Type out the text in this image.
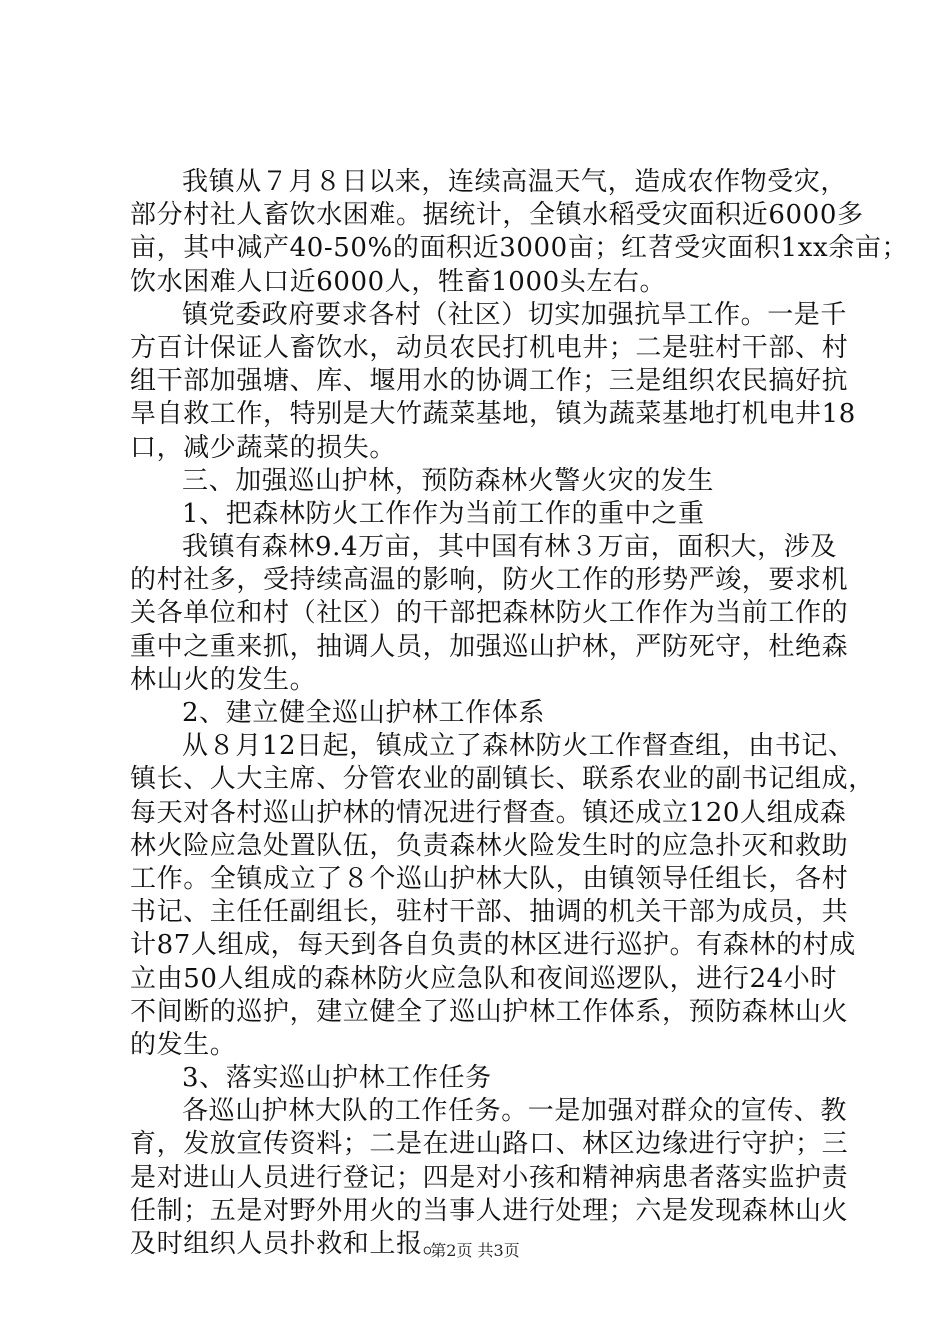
我镇从７月８日以来，连续高温天气，造成农作物受灾，
部分村社人畜饮水困难。据统计，全镇水稻受灾面积近6000多
亩，其中减产40-50%的面积近3000亩；红苕受灾面积1xx余亩；
饮水困难人口近6000人，牲畜1000头左右。
镇党委政府要求各村（社区）切实加强抗旱工作。一是千
方百计保证人畜饮水，动员农民打机电井；二是驻村干部、村
组干部加强塘、库、堰用水的协调工作；三是组织农民搞好抗
旱自救工作，特别是大竹蔬菜基地，镇为蔬菜基地打机电井18
口，减少蔬菜的损失。
三、加强巡山护林，预防森林火警火灾的发生
1、把森林防火工作作为当前工作的重中之重
我镇有森林9.4万亩，其中国有林３万亩，面积大，涉及
的村社多，受持续高温的影响，防火工作的形势严竣，要求机
关各单位和村（社区）的干部把森林防火工作作为当前工作的
重中之重来抓，抽调人员，加强巡山护林，严防死守，杜绝森
林山火的发生。
2、建立健全巡山护林工作体系
从８月12日起，镇成立了森林防火工作督查组，由书记、
镇长、人大主席、分管农业的副镇长、联系农业的副书记组成，
每天对各村巡山护林的情况进行督查。镇还成立120人组成森
林火险应急处置队伍，负责森林火险发生时的应急扑灭和救助
工作。全镇成立了８个巡山护林大队，由镇领导任组长，各村
书记、主任任副组长，驻村干部、抽调的机关干部为成员，共
计87人组成，每天到各自负责的林区进行巡护。有森林的村成
立由50人组成的森林防火应急队和夜间巡逻队，进行24小时
不间断的巡护，建立健全了巡山护林工作体系，预防森林山火
的发生。
3、落实巡山护林工作任务
各巡山护林大队的工作任务。一是加强对群众的宣传、教
育，发放宣传资料；二是在进山路口、林区边缘进行守护；三
是对进山人员进行登记；四是对小孩和精神病患者落实监护责
任制；五是对野外用火的当事人进行处理；六是发现森林山火
及时组织人员扑救和上报。
第2页 共3页
